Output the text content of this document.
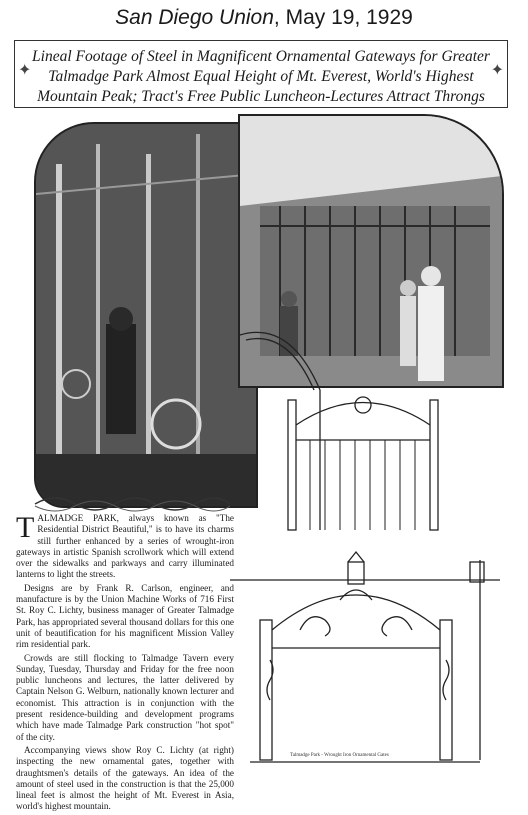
San Diego Union, May 19, 1929
✦	✦
Lineal Footage of Steel in Magnificent Ornamental Gateways for Greater
Talmadge Park Almost Equal Height of Mt. Everest, World's Highest
Mountain Peak; Tract's Free Public Luncheon-Lectures Attract Throngs
Talmadge Park - Wrought Iron Ornamental Gates

TALMADGE PARK, always known as "The Residential District Beautiful," is to have its charms still further enhanced by a series of wrought-iron gateways in artistic Spanish scrollwork which will extend over the sidewalks and parkways and carry illuminated lanterns to light the streets.

Designs are by Frank R. Carlson, engineer, and manufacture is by the Union Machine Works of 716 First St. Roy C. Lichty, business manager of Greater Talmadge Park, has appropriated several thousand dollars for this one unit of beautification for his magnificent Mission Valley rim residential park.

Crowds are still flocking to Talmadge Tavern every Sunday, Tuesday, Thursday and Friday for the free noon public luncheons and lectures, the latter delivered by Captain Nelson G. Welburn, nationally known lecturer and economist. This attraction is in conjunction with the present residence-building and development programs which have made Talmadge Park construction "hot spot" of the city.

Accompanying views show Roy C. Lichty (at right) inspecting the new ornamental gates, together with draughtsmen's details of the gateways. An idea of the amount of steel used in the construction is that the 25,000 lineal feet is almost the height of Mt. Everest in Asia, world's highest mountain.
